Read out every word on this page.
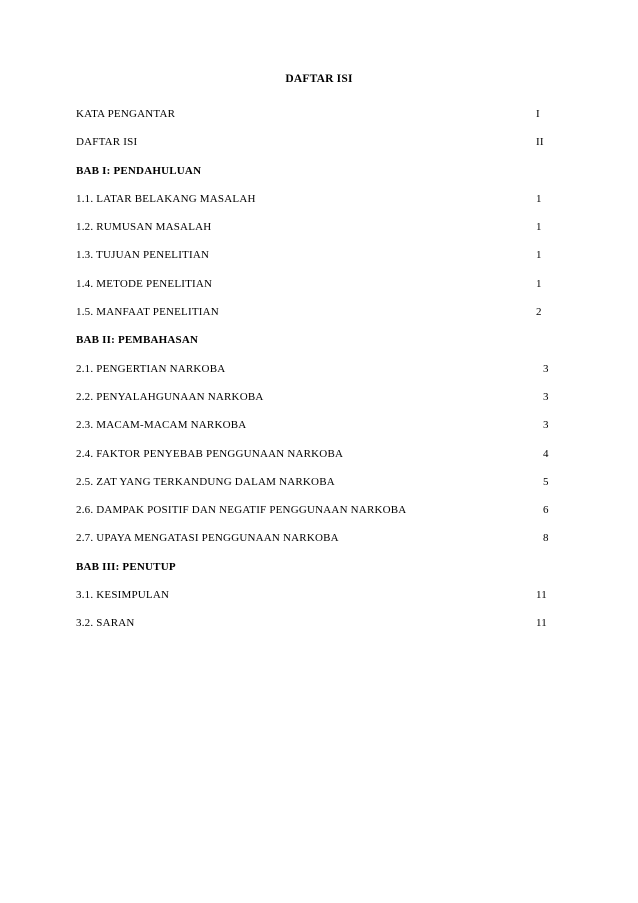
DAFTAR ISI
KATA PENGANTAR	I
DAFTAR ISI	II
BAB I: PENDAHULUAN
1.1. LATAR BELAKANG MASALAH	1
1.2. RUMUSAN MASALAH	1
1.3. TUJUAN PENELITIAN	1
1.4. METODE PENELITIAN	1
1.5. MANFAAT PENELITIAN	2
BAB II: PEMBAHASAN
2.1. PENGERTIAN NARKOBA	3
2.2. PENYALAHGUNAAN NARKOBA	3
2.3. MACAM-MACAM NARKOBA	3
2.4. FAKTOR PENYEBAB PENGGUNAAN NARKOBA	4
2.5. ZAT YANG TERKANDUNG DALAM NARKOBA	5
2.6. DAMPAK POSITIF DAN NEGATIF PENGGUNAAN NARKOBA	6
2.7. UPAYA MENGATASI PENGGUNAAN NARKOBA	8
BAB III: PENUTUP
3.1. KESIMPULAN	11
3.2. SARAN	11
